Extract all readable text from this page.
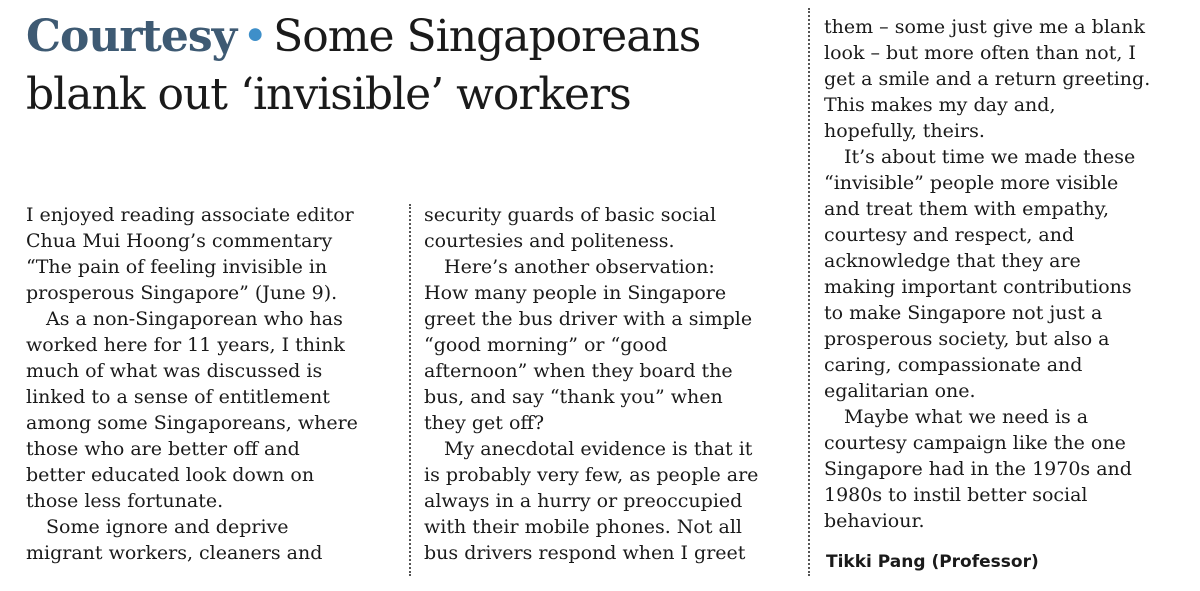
Courtesy • Some Singaporeans
blank out ‘invisible’ workers
I enjoyed reading associate editor
Chua Mui Hoong’s commentary
“The pain of feeling invisible in
prosperous Singapore” (June 9).
As a non-Singaporean who has
worked here for 11 years, I think
much of what was discussed is
linked to a sense of entitlement
among some Singaporeans, where
those who are better off and
better educated look down on
those less fortunate.
Some ignore and deprive
migrant workers, cleaners and
security guards of basic social
courtesies and politeness.
Here’s another observation:
How many people in Singapore
greet the bus driver with a simple
“good morning” or “good
afternoon” when they board the
bus, and say “thank you” when
they get off?
My anecdotal evidence is that it
is probably very few, as people are
always in a hurry or preoccupied
with their mobile phones. Not all
bus drivers respond when I greet
them – some just give me a blank
look – but more often than not, I
get a smile and a return greeting.
This makes my day and,
hopefully, theirs.
It’s about time we made these
“invisible” people more visible
and treat them with empathy,
courtesy and respect, and
acknowledge that they are
making important contributions
to make Singapore not just a
prosperous society, but also a
caring, compassionate and
egalitarian one.
Maybe what we need is a
courtesy campaign like the one
Singapore had in the 1970s and
1980s to instil better social
behaviour.
Tikki Pang (Professor)
